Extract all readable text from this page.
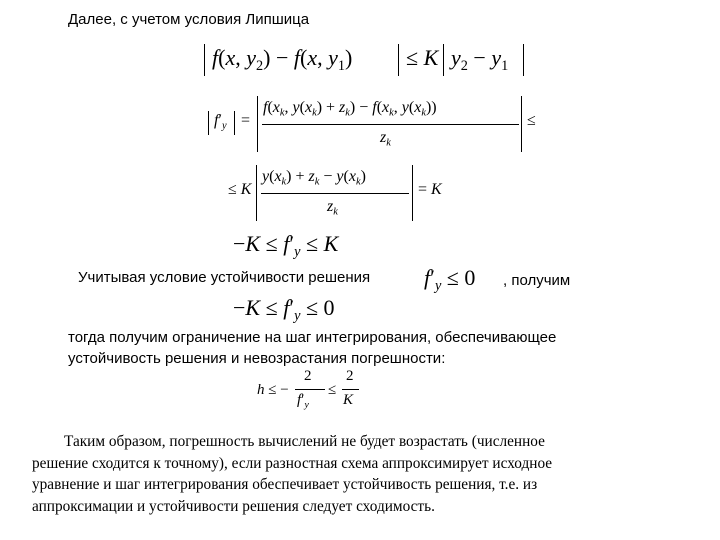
Далее, с учетом условия Липшица
f(x, $y_2) - f(x$, $y_1) \le K$ $y_2 - y_1$
$f'_y$ =
$f(x_k$, $y(x_k) + z_k) - f(x_k$, $y(x_k)$)
$z_k$
≤
≤ K
$y(x_k) + z_k - y(x_k)$
$z_k$
= K
$-K \le f'_y \le K$
Учитывая условие устойчивости решения	$f'_y \le 0$ , получим
$-K \le f'_y \le 0$
тогда получим ограничение на шаг интегрирования, обеспечивающее
устойчивость решения и невозрастания погрешности:
h ≤ −
2
$f'_y$
≤
2
K
Таким образом, погрешность вычислений не будет возрастать (численное
решение сходится к точному), если разностная схема аппроксимирует исходное
уравнение и шаг интегрирования обеспечивает устойчивость решения, т.е. из
аппроксимации и устойчивости решения следует сходимость.
